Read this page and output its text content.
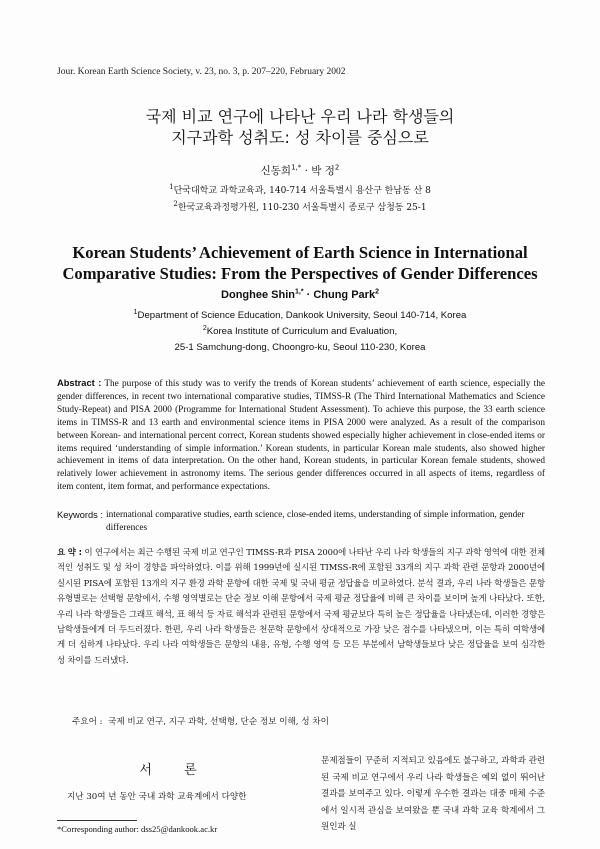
Jour. Korean Earth Science Society, v. 23, no. 3, p. 207–220, February 2002
국제 비교 연구에 나타난 우리 나라 학생들의
지구과학 성취도: 성 차이를 중심으로
신동희$^{1,*}$ · 박 정$^2$
$^1$단국대학교 과학교육과, 140-714 서울특별시 용산구 한남동 산 8
$^2$한국교육과정평가원, 110-230 서울특별시 종로구 삼청동 25-1
Korean Students’ Achievement of Earth Science in International
Comparative Studies: From the Perspectives of Gender Differences
Donghee Shin$^{1,*}$ · Chung Park$^2$
$^1$Department of Science Education, Dankook University, Seoul 140-714, Korea
$^2$Korea Institute of Curriculum and Evaluation,
25-1 Samchung-dong, Choongro-ku, Seoul 110-230, Korea
Abstract : The purpose of this study was to verify the trends of Korean students’ achievement of earth science, especially the gender differences, in recent two international comparative studies, TIMSS-R (The Third International Mathematics and Science Study-Repeat) and PISA 2000 (Programme for International Student Assessment). To achieve this purpose, the 33 earth science items in TIMSS-R and 13 earth and environmental science items in PISA 2000 were analyzed. As a result of the comparison between Korean- and international percent correct, Korean students showed especially higher achievement in close-ended items or items required ‘understanding of simple information.’ Korean students, in particular Korean male students, also showed higher achievement in items of data interpretation. On the other hand, Korean students, in particular Korean female students, showed relatively lower achievement in astronomy items. The serious gender differences occurred in all aspects of items, regardless of item content, item format, and performance expectations.
Keywords : international comparative studies, earth science, close-ended items, understanding of simple information, gender differences
요 약 : 이 연구에서는 최근 수행된 국제 비교 연구인 TIMSS-R과 PISA 2000에 나타난 우리 나라 학생들의 지구 과학 영역에 대한 전체적인 성취도 및 성 차이 경향을 파악하였다. 이를 위해 1999년에 실시된 TIMSS-R에 포함된 33개의 지구 과학 관련 문항과 2000년에 실시된 PISA에 포함된 13개의 지구 환경 과학 문항에 대한 국제 및 국내 평균 정답율을 비교하였다. 분석 결과, 우리 나라 학생들은 문항 유형별로는 선택형 문항에서, 수행 영역별로는 단순 정보 이해 문항에서 국제 평균 정답율에 비해 큰 차이를 보이며 높게 나타났다. 또한, 우리 나라 학생들은 그래프 해석, 표 해석 등 자료 해석과 관련된 문항에서 국제 평균보다 특히 높은 정답율을 나타냈는데, 이러한 경향은 남학생들에게 더 두드러졌다. 한편, 우리 나라 학생들은 천문학 문항에서 상대적으로 가장 낮은 점수를 나타냈으며, 이는 특히 여학생에게 더 심하게 나타났다. 우리 나라 여학생들은 문항의 내용, 유형, 수행 영역 등 모든 부분에서 남학생들보다 낮은 정답율을 보여 심각한 성 차이를 드러냈다.
주요어 : 국제 비교 연구, 지구 과학, 선택형, 단순 정보 이해, 성 차이
서 론
지난 30여 년 동안 국내 과학 교육계에서 다양한
*Corresponding author: dss25@dankook.ac.kr
문제점들이 꾸준히 지적되고 있음에도 불구하고, 과학과 관련된 국제 비교 연구에서 우리 나라 학생들은 예외 없이 뛰어난 결과를 보여주고 있다. 이렇게 우수한 결과는 대중 매체 수준에서 일시적 관심을 보여왔을 뿐 국내 과학 교육 학계에서 그 원인과 실
